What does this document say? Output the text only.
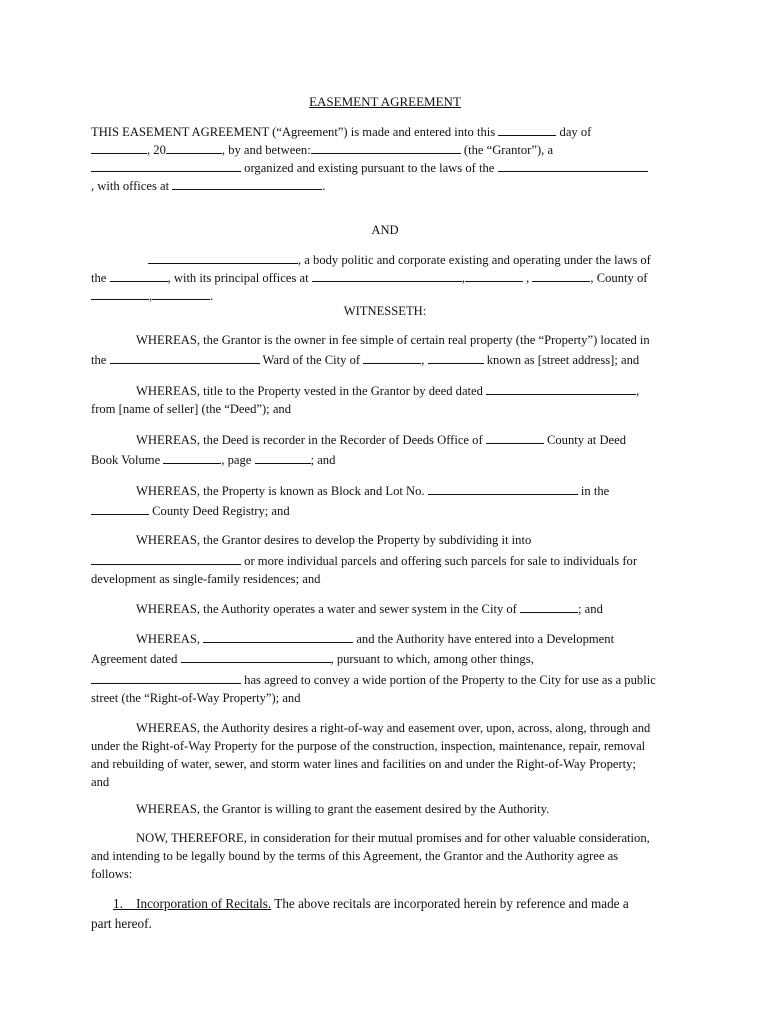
EASEMENT AGREEMENT
THIS EASEMENT AGREEMENT (“Agreement”) is made and entered into this	day of
, 20	, by and between:	(the “Grantor”), a
organized and existing pursuant to the laws of the
, with offices at	.
AND
, a body politic and corporate existing and operating under the laws of
the	, with its principal offices at	,	,	, County of
,	.
WITNESSETH:
WHEREAS, the Grantor is the owner in fee simple of certain real property (the “Property”) located in
the	Ward of the City of	,	known as [street address]; and
WHEREAS, title to the Property vested in the Grantor by deed dated	,
from [name of seller] (the “Deed”); and
WHEREAS, the Deed is recorder in the Recorder of Deeds Office of	County at Deed
Book Volume	, page	; and
WHEREAS, the Property is known as Block and Lot No.	in the
County Deed Registry; and
WHEREAS, the Grantor desires to develop the Property by subdividing it into
or more individual parcels and offering such parcels for sale to individuals for
development as single-family residences; and
WHEREAS, the Authority operates a water and sewer system in the City of	; and
WHEREAS,	and the Authority have entered into a Development
Agreement dated	, pursuant to which, among other things,
has agreed to convey a wide portion of the Property to the City for use as a public
street (the “Right-of-Way Property”); and
WHEREAS, the Authority desires a right-of-way and easement over, upon, across, along, through and
under the Right-of-Way Property for the purpose of the construction, inspection, maintenance, repair, removal
and rebuilding of water, sewer, and storm water lines and facilities on and under the Right-of-Way Property;
and
WHEREAS, the Grantor is willing to grant the easement desired by the Authority.
NOW, THEREFORE, in consideration for their mutual promises and for other valuable consideration,
and intending to be legally bound by the terms of this Agreement, the Grantor and the Authority agree as
follows:
1. Incorporation of Recitals. The above recitals are incorporated herein by reference and made a
part hereof.
